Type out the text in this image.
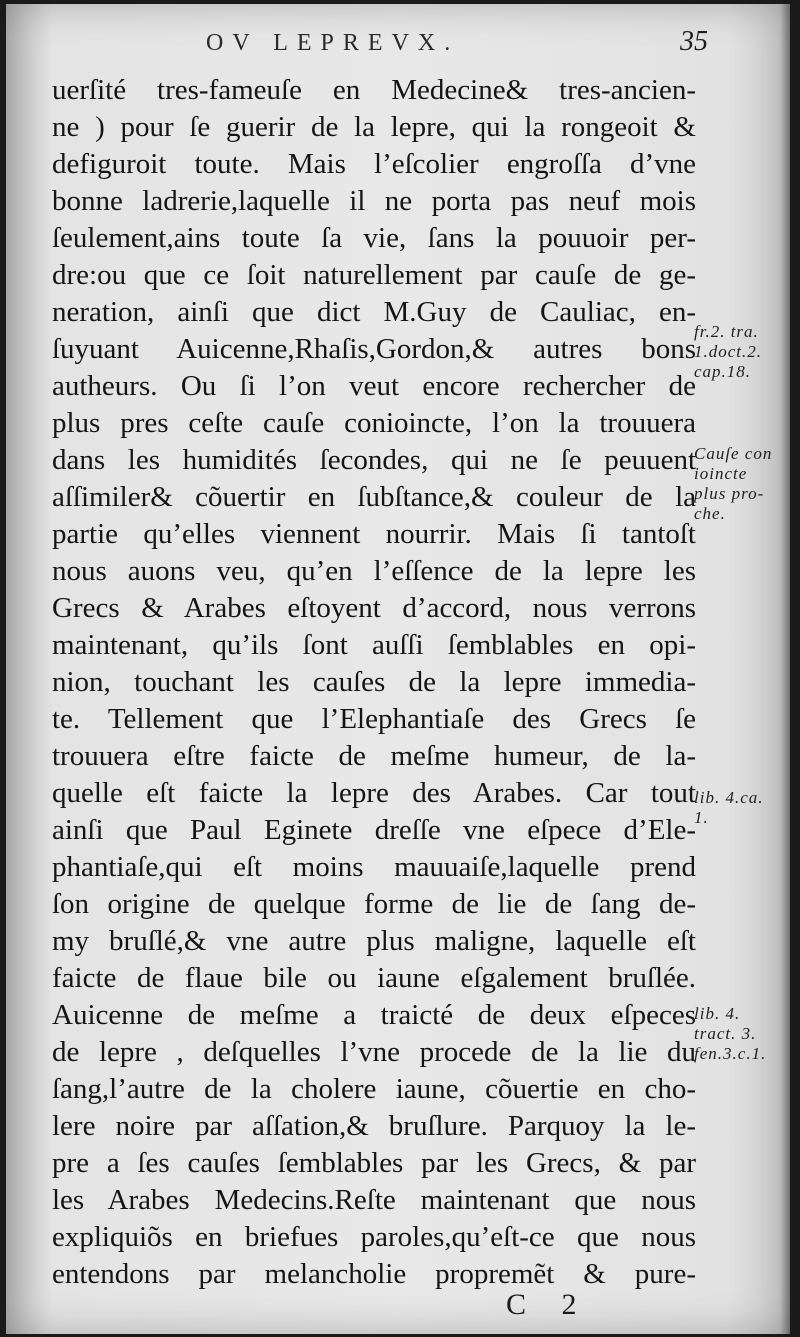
OV LEPREVX.	35
uerſité tres-fameuſe en Medecine& tres-ancien-
ne ) pour ſe guerir de la lepre, qui la rongeoit &
defiguroit toute. Mais l’eſcolier engroſſa d’vne
bonne ladrerie,laquelle il ne porta pas neuf mois
ſeulement,ains toute ſa vie, ſans la pouuoir per-
dre:ou que ce ſoit naturellement par cauſe de ge-
neration, ainſi que dict M.Guy de Cauliac, en-
ſuyuant Auicenne,Rhaſis,Gordon,& autres bons
autheurs. Ou ſi l’on veut encore rechercher de
plus pres ceſte cauſe conioincte, l’on la trouuera
dans les humidités ſecondes, qui ne ſe peuuent
aſſimiler& cõuertir en ſubſtance,& couleur de la
partie qu’elles viennent nourrir. Mais ſi tantoſt
nous auons veu, qu’en l’eſſence de la lepre les
Grecs & Arabes eſtoyent d’accord, nous verrons
maintenant, qu’ils ſont auſſi ſemblables en opi-
nion, touchant les cauſes de la lepre immedia-
te. Tellement que l’Elephantiaſe des Grecs ſe
trouuera eſtre faicte de meſme humeur, de la-
quelle eſt faicte la lepre des Arabes. Car tout
ainſi que Paul Eginete dreſſe vne eſpece d’Ele-
phantiaſe,qui eſt moins mauuaiſe,laquelle prend
ſon origine de quelque forme de lie de ſang de-
my bruſlé,& vne autre plus maligne, laquelle eſt
faicte de flaue bile ou iaune eſgalement bruſlée.
Auicenne de meſme a traicté de deux eſpeces
de lepre , deſquelles l’vne procede de la lie du
ſang,l’autre de la cholere iaune, cõuertie en cho-
lere noire par aſſation,& bruſlure. Parquoy la le-
pre a ſes cauſes ſemblables par les Grecs, & par
les Arabes Medecins.Reſte maintenant que nous
expliquiõs en briefues paroles,qu’eſt-ce que nous
entendons par melancholie propremẽt & pure-
C 2
fr.2. tra.
1.doct.2.
cap.18.
Cauſe con
ioincte
plus pro-
che.
lib. 4.ca.
1.
lib. 4.
tract. 3.
fen.3.c.1.
